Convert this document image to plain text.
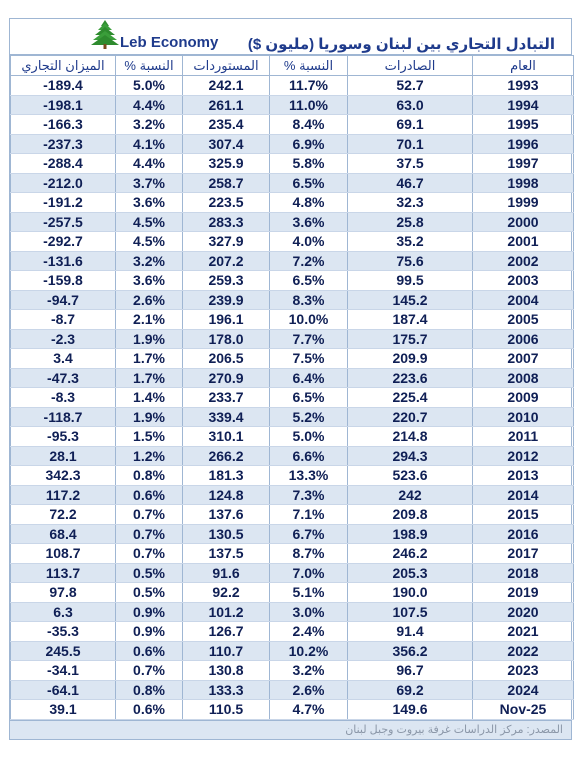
Leb Economy التبادل التجاري بين لبنان وسوريا (مليون $)
الميزان التجاري	النسبة %	المستوردات	النسبة %	الصادرات	العام
-189.4	5.0%	242.1	11.7%	52.7	1993
-198.1	4.4%	261.1	11.0%	63.0	1994
-166.3	3.2%	235.4	8.4%	69.1	1995
-237.3	4.1%	307.4	6.9%	70.1	1996
-288.4	4.4%	325.9	5.8%	37.5	1997
-212.0	3.7%	258.7	6.5%	46.7	1998
-191.2	3.6%	223.5	4.8%	32.3	1999
-257.5	4.5%	283.3	3.6%	25.8	2000
-292.7	4.5%	327.9	4.0%	35.2	2001
-131.6	3.2%	207.2	7.2%	75.6	2002
-159.8	3.6%	259.3	6.5%	99.5	2003
-94.7	2.6%	239.9	8.3%	145.2	2004
-8.7	2.1%	196.1	10.0%	187.4	2005
-2.3	1.9%	178.0	7.7%	175.7	2006
3.4	1.7%	206.5	7.5%	209.9	2007
-47.3	1.7%	270.9	6.4%	223.6	2008
-8.3	1.4%	233.7	6.5%	225.4	2009
-118.7	1.9%	339.4	5.2%	220.7	2010
-95.3	1.5%	310.1	5.0%	214.8	2011
28.1	1.2%	266.2	6.6%	294.3	2012
342.3	0.8%	181.3	13.3%	523.6	2013
117.2	0.6%	124.8	7.3%	242	2014
72.2	0.7%	137.6	7.1%	209.8	2015
68.4	0.7%	130.5	6.7%	198.9	2016
108.7	0.7%	137.5	8.7%	246.2	2017
113.7	0.5%	91.6	7.0%	205.3	2018
97.8	0.5%	92.2	5.1%	190.0	2019
6.3	0.9%	101.2	3.0%	107.5	2020
-35.3	0.9%	126.7	2.4%	91.4	2021
245.5	0.6%	110.7	10.2%	356.2	2022
-34.1	0.7%	130.8	3.2%	96.7	2023
-64.1	0.8%	133.3	2.6%	69.2	2024
39.1	0.6%	110.5	4.7%	149.6	Nov-25
المصدر: مركز الدراسات غرفة بيروت وجبل لبنان
